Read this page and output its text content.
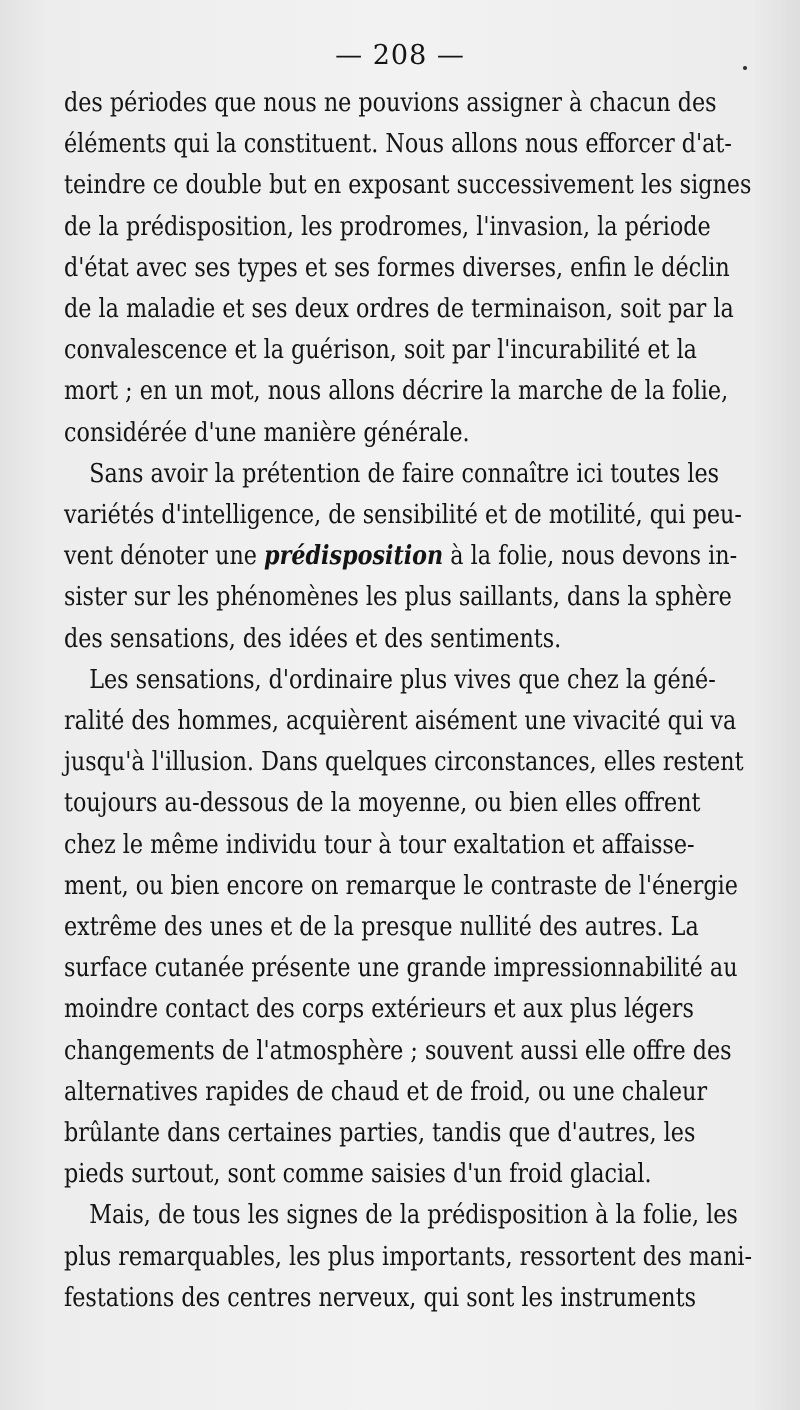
— 208 —

des périodes que nous ne pouvions assigner à chacun des
éléments qui la constituent. Nous allons nous efforcer d'at-
teindre ce double but en exposant successivement les signes
de la prédisposition, les prodromes, l'invasion, la période
d'état avec ses types et ses formes diverses, enfin le déclin
de la maladie et ses deux ordres de terminaison, soit par la
convalescence et la guérison, soit par l'incurabilité et la
mort ; en un mot, nous allons décrire la marche de la folie,
considérée d'une manière générale.

Sans avoir la prétention de faire connaître ici toutes les
variétés d'intelligence, de sensibilité et de motilité, qui peu-
vent dénoter une prédisposition à la folie, nous devons in-
sister sur les phénomènes les plus saillants, dans la sphère
des sensations, des idées et des sentiments.

Les sensations, d'ordinaire plus vives que chez la géné-
ralité des hommes, acquièrent aisément une vivacité qui va
jusqu'à l'illusion. Dans quelques circonstances, elles restent
toujours au-dessous de la moyenne, ou bien elles offrent
chez le même individu tour à tour exaltation et affaisse-
ment, ou bien encore on remarque le contraste de l'énergie
extrême des unes et de la presque nullité des autres. La
surface cutanée présente une grande impressionnabilité au
moindre contact des corps extérieurs et aux plus légers
changements de l'atmosphère ; souvent aussi elle offre des
alternatives rapides de chaud et de froid, ou une chaleur
brûlante dans certaines parties, tandis que d'autres, les
pieds surtout, sont comme saisies d'un froid glacial.

Mais, de tous les signes de la prédisposition à la folie, les
plus remarquables, les plus importants, ressortent des mani-
festations des centres nerveux, qui sont les instruments
